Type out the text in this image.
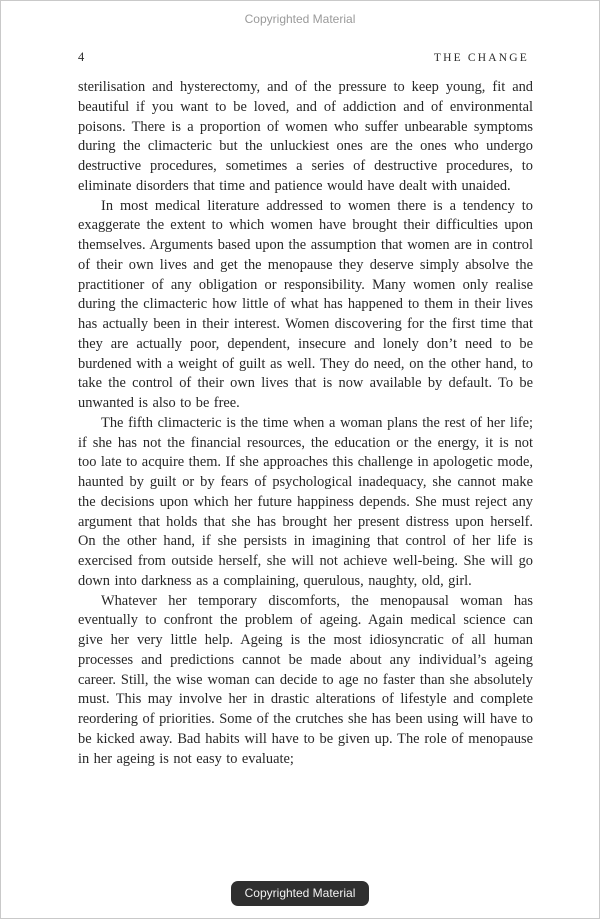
Copyrighted Material
4	THE CHANGE

sterilisation and hysterectomy, and of the pressure to keep young, fit and beautiful if you want to be loved, and of addiction and of environmental poisons. There is a proportion of women who suffer unbearable symptoms during the climacteric but the unluckiest ones are the ones who undergo destructive procedures, sometimes a series of destructive procedures, to eliminate disorders that time and patience would have dealt with unaided.

In most medical literature addressed to women there is a tendency to exaggerate the extent to which women have brought their difficulties upon themselves. Arguments based upon the assumption that women are in control of their own lives and get the menopause they deserve simply absolve the practitioner of any obligation or responsibility. Many women only realise during the climacteric how little of what has happened to them in their lives has actually been in their interest. Women discovering for the first time that they are actually poor, dependent, insecure and lonely don’t need to be burdened with a weight of guilt as well. They do need, on the other hand, to take the control of their own lives that is now available by default. To be unwanted is also to be free.

The fifth climacteric is the time when a woman plans the rest of her life; if she has not the financial resources, the education or the energy, it is not too late to acquire them. If she approaches this challenge in apologetic mode, haunted by guilt or by fears of psychological inadequacy, she cannot make the decisions upon which her future happiness depends. She must reject any argument that holds that she has brought her present distress upon herself. On the other hand, if she persists in imagining that control of her life is exercised from outside herself, she will not achieve well-being. She will go down into darkness as a complaining, querulous, naughty, old, girl.

Whatever her temporary discomforts, the menopausal woman has eventually to confront the problem of ageing. Again medical science can give her very little help. Ageing is the most idiosyncratic of all human processes and predictions cannot be made about any individual’s ageing career. Still, the wise woman can decide to age no faster than she absolutely must. This may involve her in drastic alterations of lifestyle and complete reordering of priorities. Some of the crutches she has been using will have to be kicked away. Bad habits will have to be given up. The role of menopause in her ageing is not easy to evaluate;

Copyrighted Material
